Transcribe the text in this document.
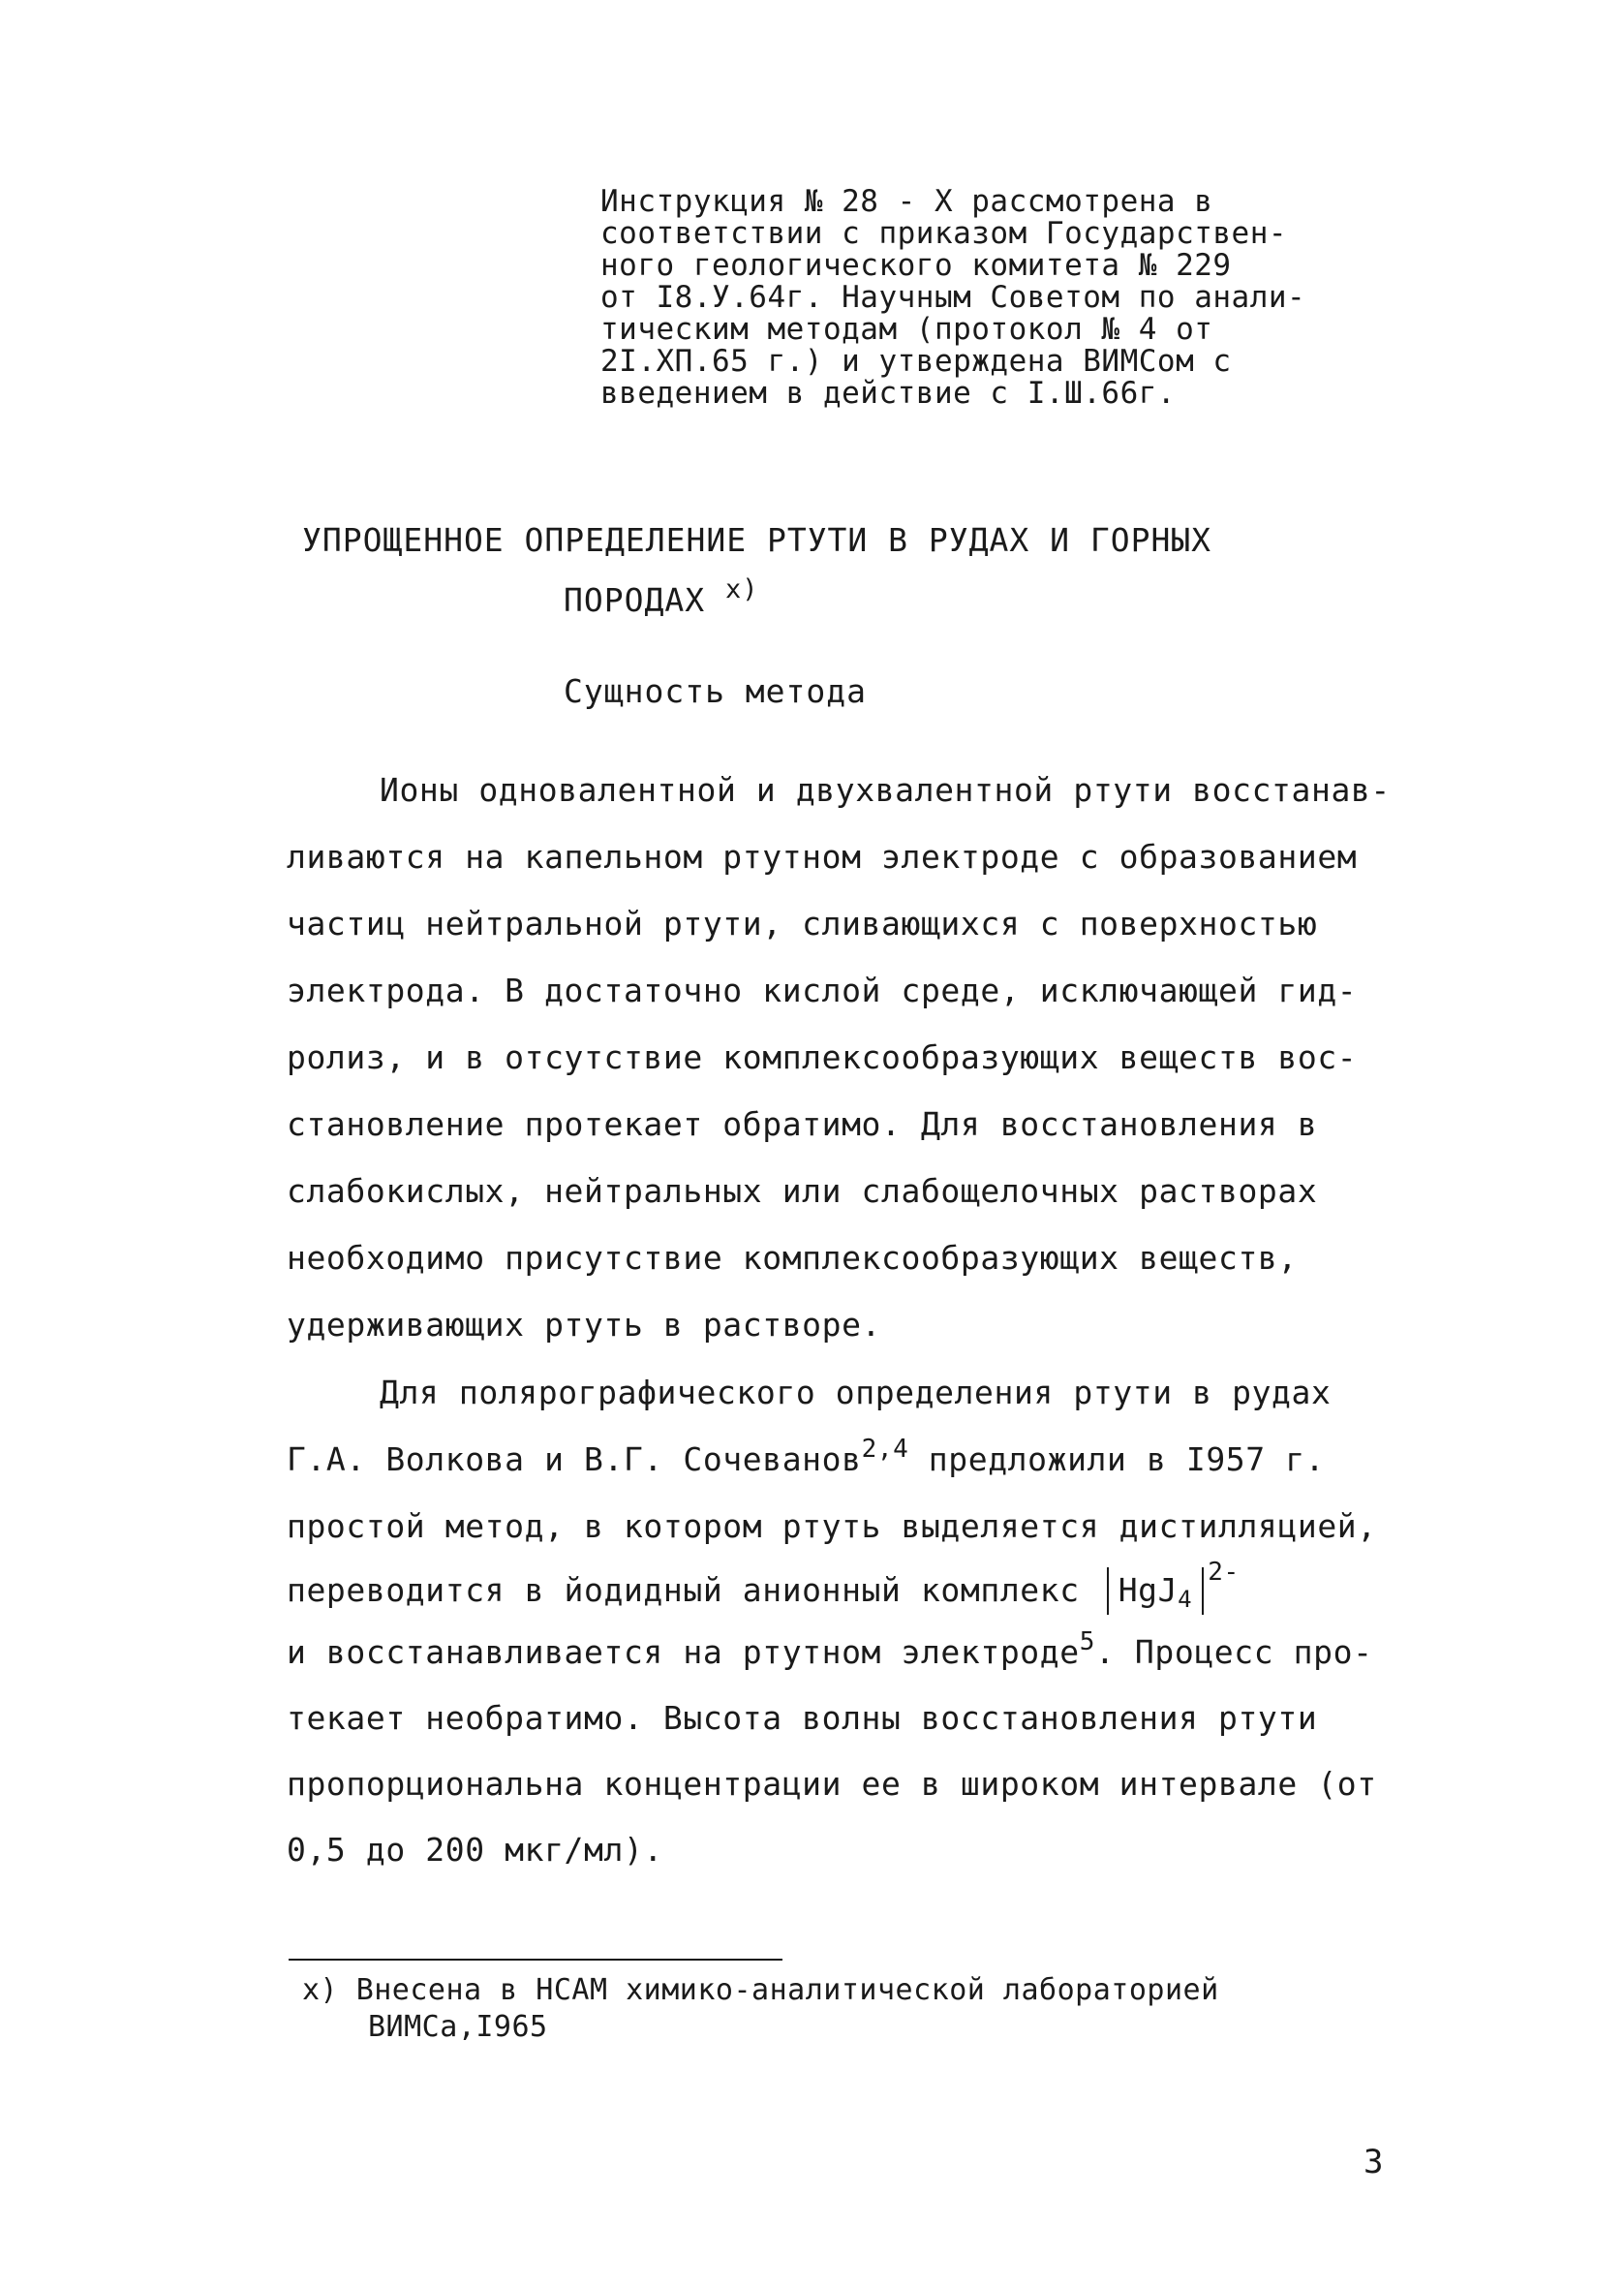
Инструкция № 28 - X рассмотрена в
соответствии с приказом Государствен-
ного геологического комитета № 229
от I8.У.64г. Научным Советом по анали-
тическим методам (протокол № 4 от
2I.XП.65 г.) и утверждена ВИМСом с
введением в действие с I.Ш.66г.
УПРОЩЕННОЕ ОПРЕДЕЛЕНИЕ РТУТИ В РУДАХ И ГОРНЫХ
ПОРОДАХ $^{x)}$
Сущность метода
Ионы одновалентной и двухвалентной ртути восстанав-
ливаются на капельном ртутном электроде с образованием
частиц нейтральной ртути, сливающихся с поверхностью
электрода. В достаточно кислой среде, исключающей гид-
ролиз, и в отсутствие комплексообразующих веществ вос-
становление протекает обратимо. Для восстановления в
слабокислых, нейтральных или слабощелочных растворах
необходимо присутствие комплексообразующих веществ,
удерживающих ртуть в растворе.
Для полярографического определения ртути в рудах
Г.А. Волкова и В.Г. Сочеванов$^{2,4}$ предложили в I957 г.
простой метод, в котором ртуть выделяется дистилляцией,
переводится в йодидный анионный комплекс HgJ$_4^{2-}$
и восстанавливается на ртутном электроде$^5$. Процесс про-
текает необратимо. Высота волны восстановления ртути
пропорциональна концентрации ее в широком интервале (от
0,5 до 200 мкг/мл).
x) Внесена в НСАМ химико-аналитической лабораторией
ВИМСа,I965
3
